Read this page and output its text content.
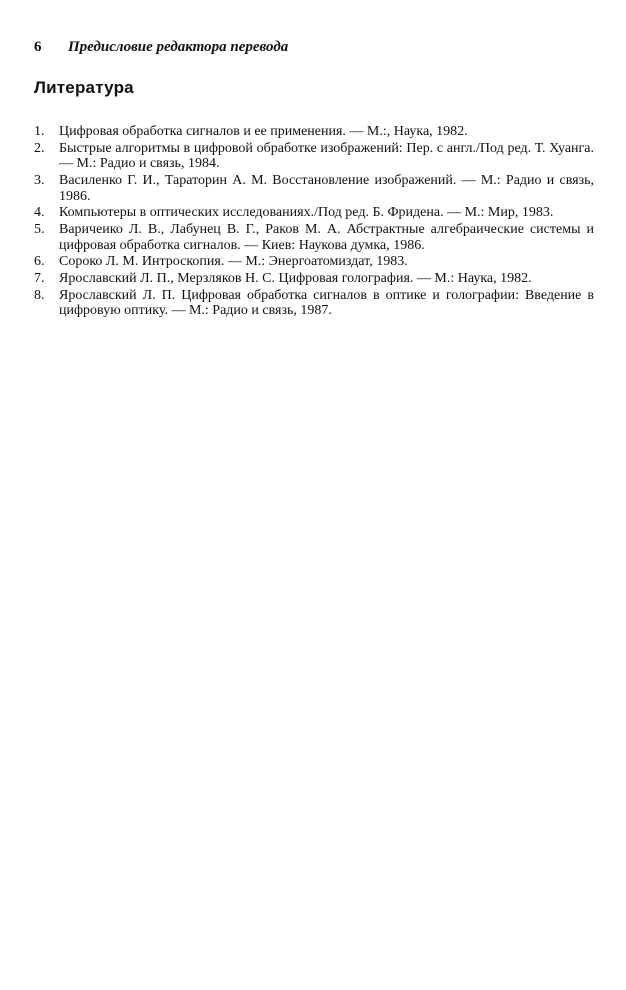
6 Предисловие редактора перевода
Литература
1.	Цифровая обработка сигналов и ее применения. — М.:, Наука, 1982.
2.	Быстрые алгоритмы в цифровой обработке изображений: Пер. с англ./Под ред. Т. Хуанга. — М.: Радио и связь, 1984.
3.	Василенко Г. И., Тараторин А. М. Восстановление изображений. — М.: Радио и связь, 1986.
4.	Компьютеры в оптических исследованиях./Под ред. Б. Фридена. — М.: Мир, 1983.
5.	Варичеико Л. В., Лабунец В. Г., Раков М. А. Абстрактные алгебраические системы и цифровая обработка сигналов. — Киев: Наукова думка, 1986.
6.	Сороко Л. М. Интроскопия. — М.: Энергоатомиздат, 1983.
7.	Ярославский Л. П., Мерзляков Н. С. Цифровая голография. — М.: Наука, 1982.
8.	Ярославский Л. П. Цифровая обработка сигналов в оптике и голографии: Введение в цифровую оптику. — М.: Радио и связь, 1987.
